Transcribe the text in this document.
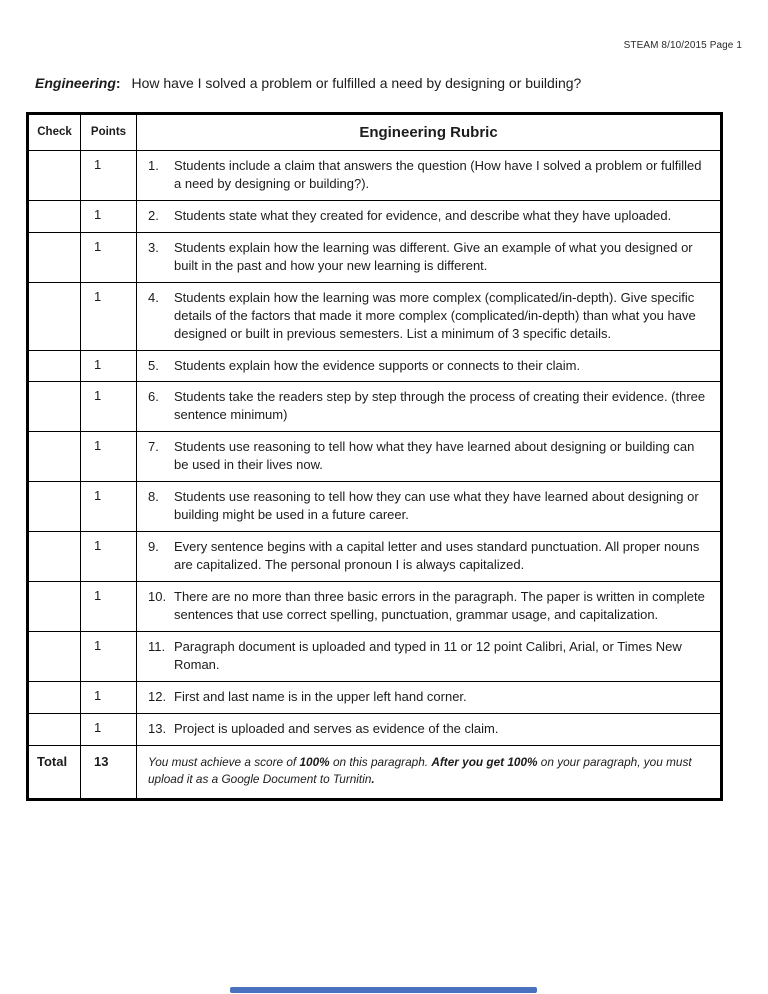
STEAM 8/10/2015 Page 1
Engineering: How have I solved a problem or fulfilled a need by designing or building?
Check	Points	Engineering Rubric
	1	1. Students include a claim that answers the question (How have I solved a problem or fulfilled a need by designing or building?).

	1	2. Students state what they created for evidence, and describe what they have uploaded.

	1	3. Students explain how the learning was different. Give an example of what you designed or built in the past and how your new learning is different.

	1	4. Students explain how the learning was more complex (complicated/in-depth). Give specific details of the factors that made it more complex (complicated/in-depth) than what you have designed or built in previous semesters. List a minimum of 3 specific details.

	1	5. Students explain how the evidence supports or connects to their claim.

	1	6. Students take the readers step by step through the process of creating their evidence. (three sentence minimum)

	1	7. Students use reasoning to tell how what they have learned about designing or building can be used in their lives now.

	1	8. Students use reasoning to tell how they can use what they have learned about designing or building might be used in a future career.

	1	9. Every sentence begins with a capital letter and uses standard punctuation. All proper nouns are capitalized. The personal pronoun I is always capitalized.

	1	10. There are no more than three basic errors in the paragraph. The paper is written in complete sentences that use correct spelling, punctuation, grammar usage, and capitalization.

	1	11. Paragraph document is uploaded and typed in 11 or 12 point Calibri, Arial, or Times New Roman.

	1	12. First and last name is in the upper left hand corner.

	1	13. Project is uploaded and serves as evidence of the claim.

Total	13	You must achieve a score of 100% on this paragraph. After you get 100% on your paragraph, you must upload it as a Google Document to Turnitin.
